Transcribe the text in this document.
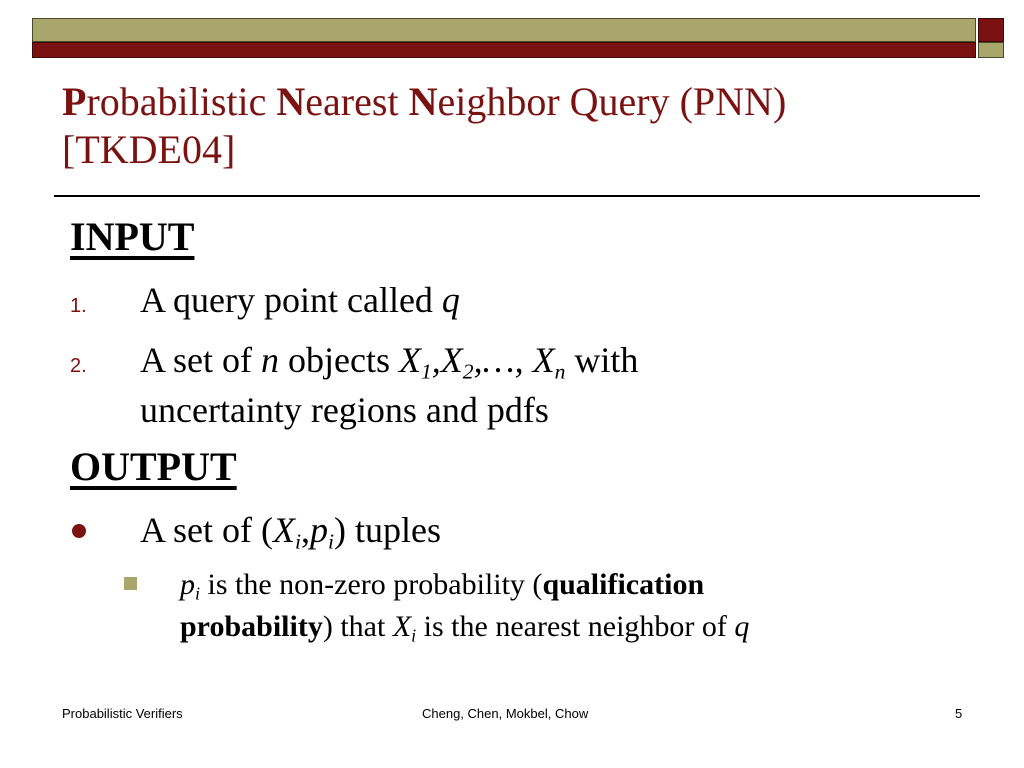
Probabilistic Nearest Neighbor Query (PNN)
[TKDE04]
INPUT
1. A query point called q
2. A set of n objects $X_1,X_2,\dots$, $X_n$ with
uncertainty regions and pdfs
OUTPUT
A set of $(X_i,p_i)$ tuples
$p_i$ is the non-zero probability (qualification
probability) that $X_i$ is the nearest neighbor of q
Probabilistic Verifiers	Cheng, Chen, Mokbel, Chow	5
